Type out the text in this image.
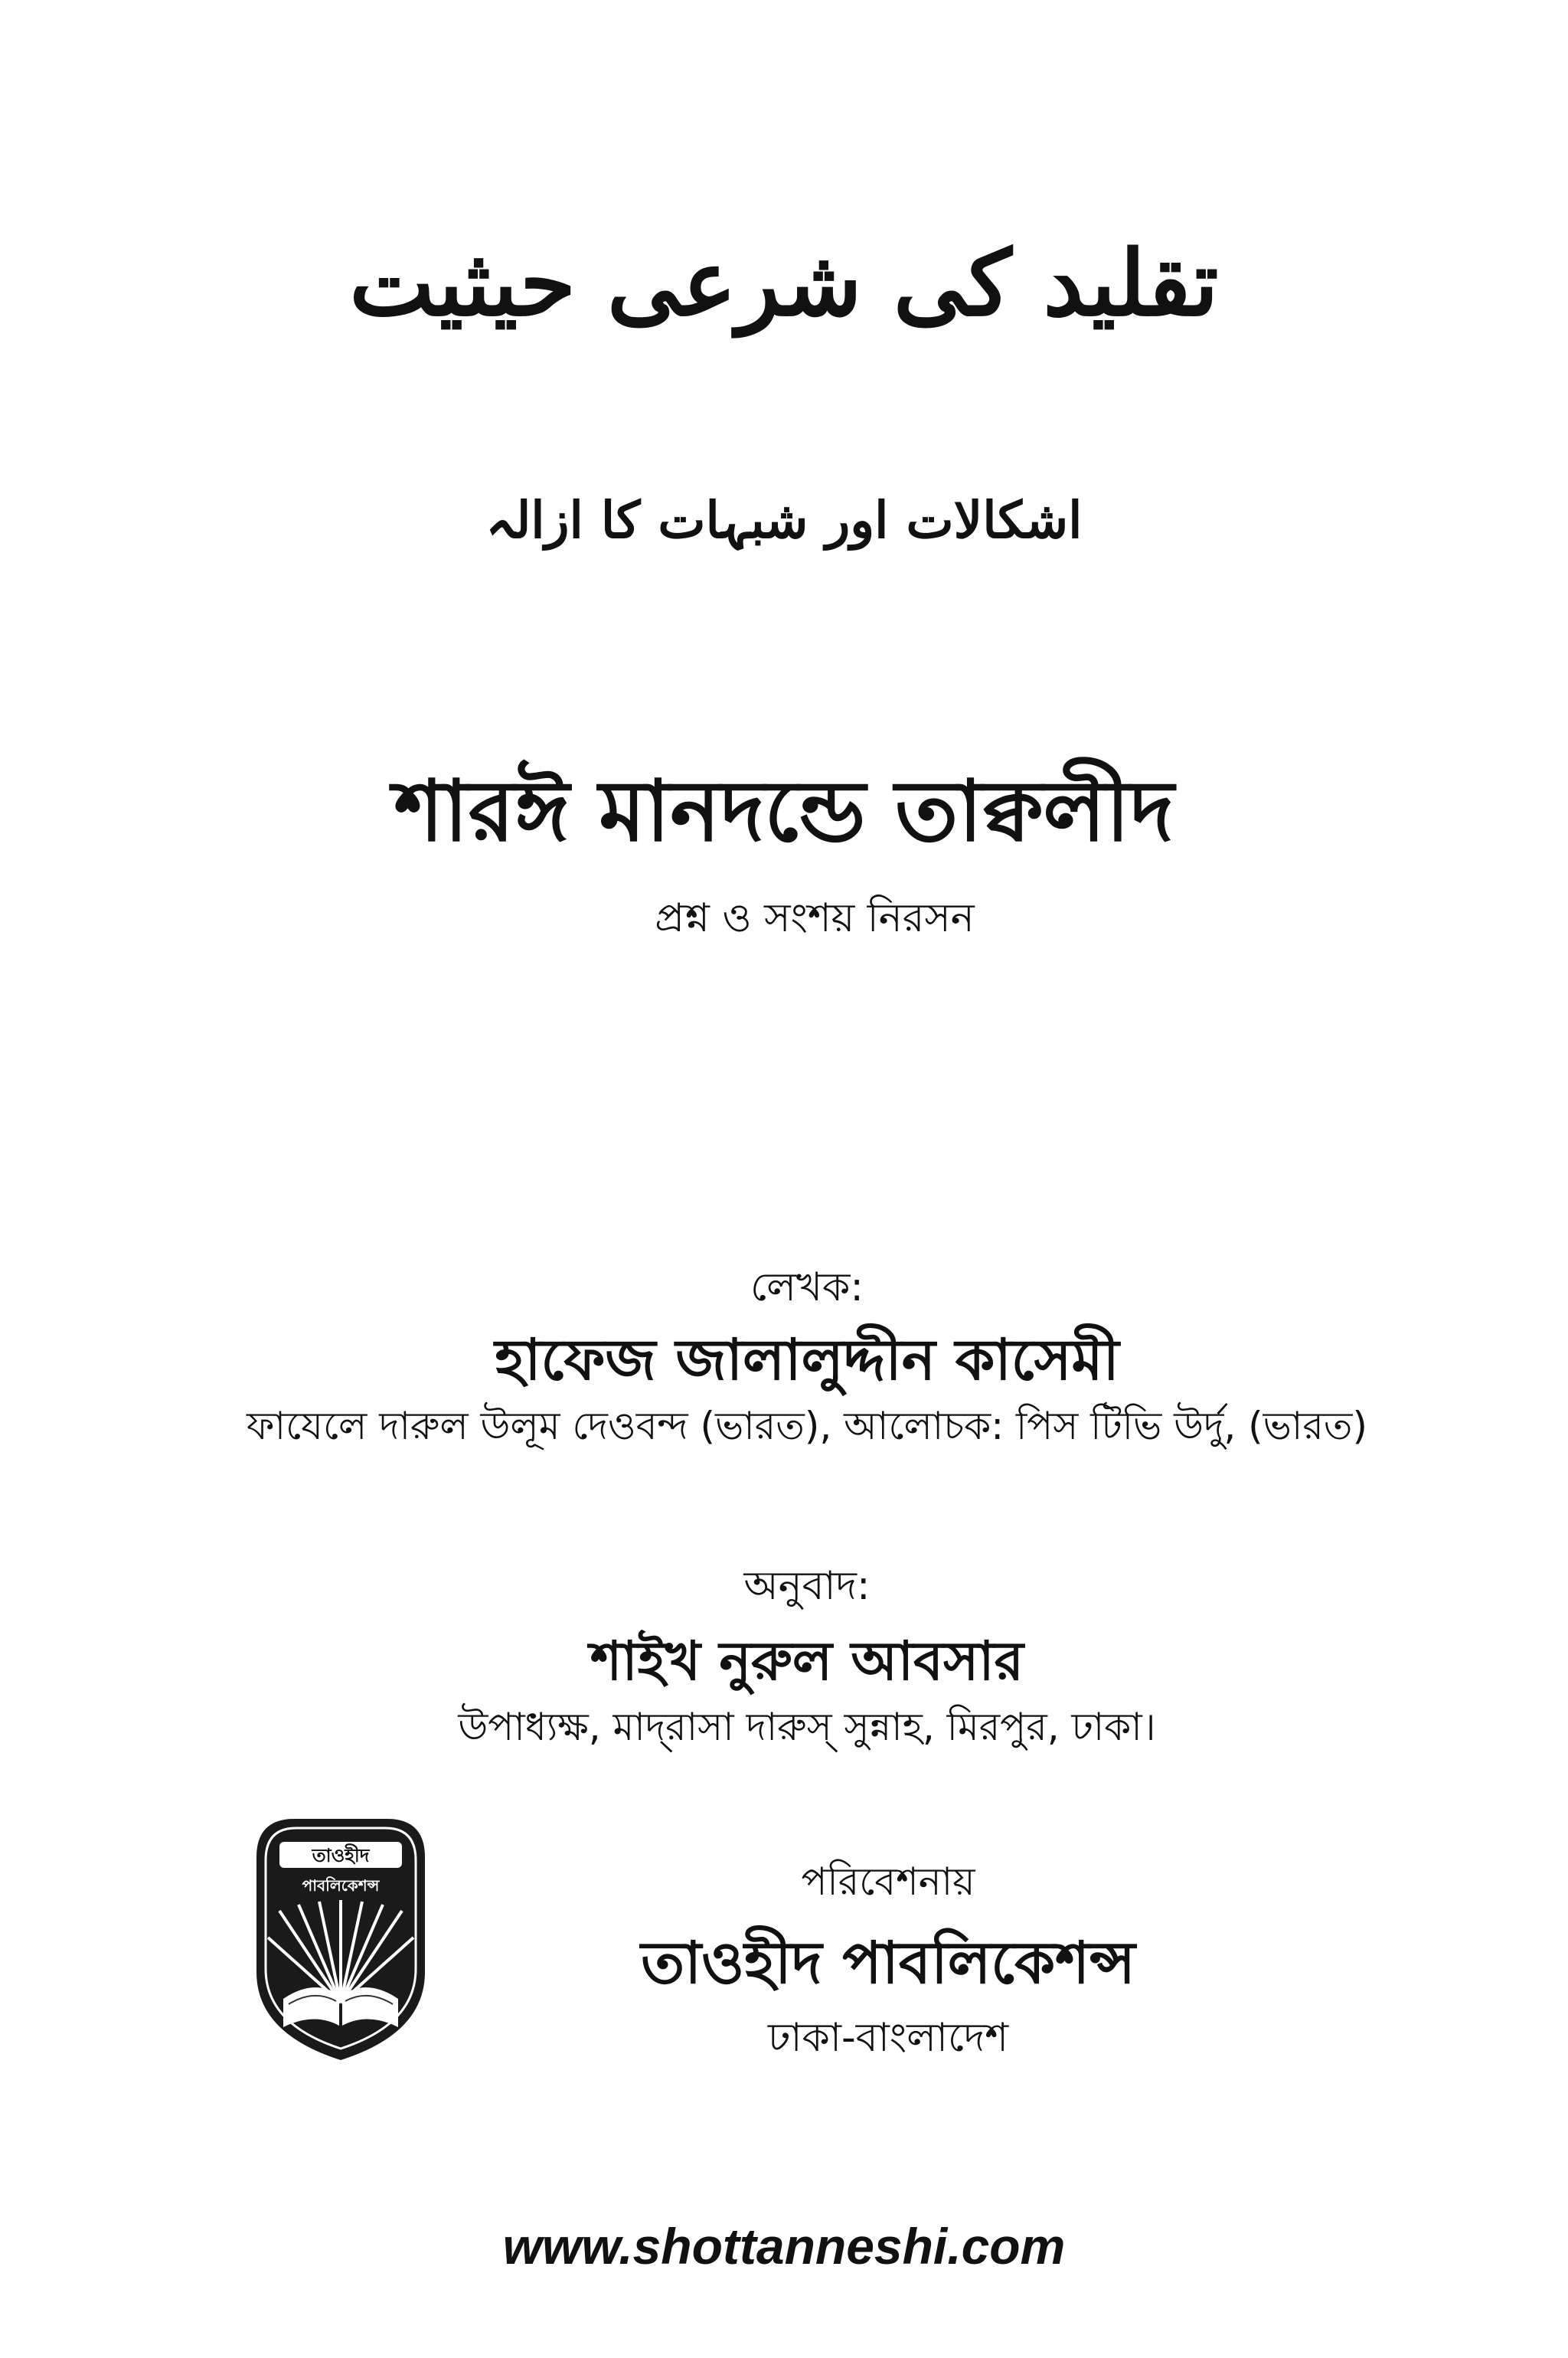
تقلید کی شرعی حیثیت
اشکالات اور شبہات کا ازالہ
শারঈ মানদন্ডে তাক্বলীদ
প্রশ্ন ও সংশয় নিরসন
লেখক:
হাফেজ জালালুদ্দীন কাসেমী
ফাযেলে দারুল উলূম দেওবন্দ (ভারত), আলোচক: পিস টিভি উর্দু, (ভারত)
অনুবাদ:
শাইখ নুরুল আবসার
উপাধ্যক্ষ, মাদ্‌রাসা দারুস্‌ সুন্নাহ, মিরপুর, ঢাকা।
তাওহীদ
পাবলিকেশন্স	পরিবেশনায়
তাওহীদ পাবলিকেশন্স
ঢাকা-বাংলাদেশ
www.shottanneshi.com
